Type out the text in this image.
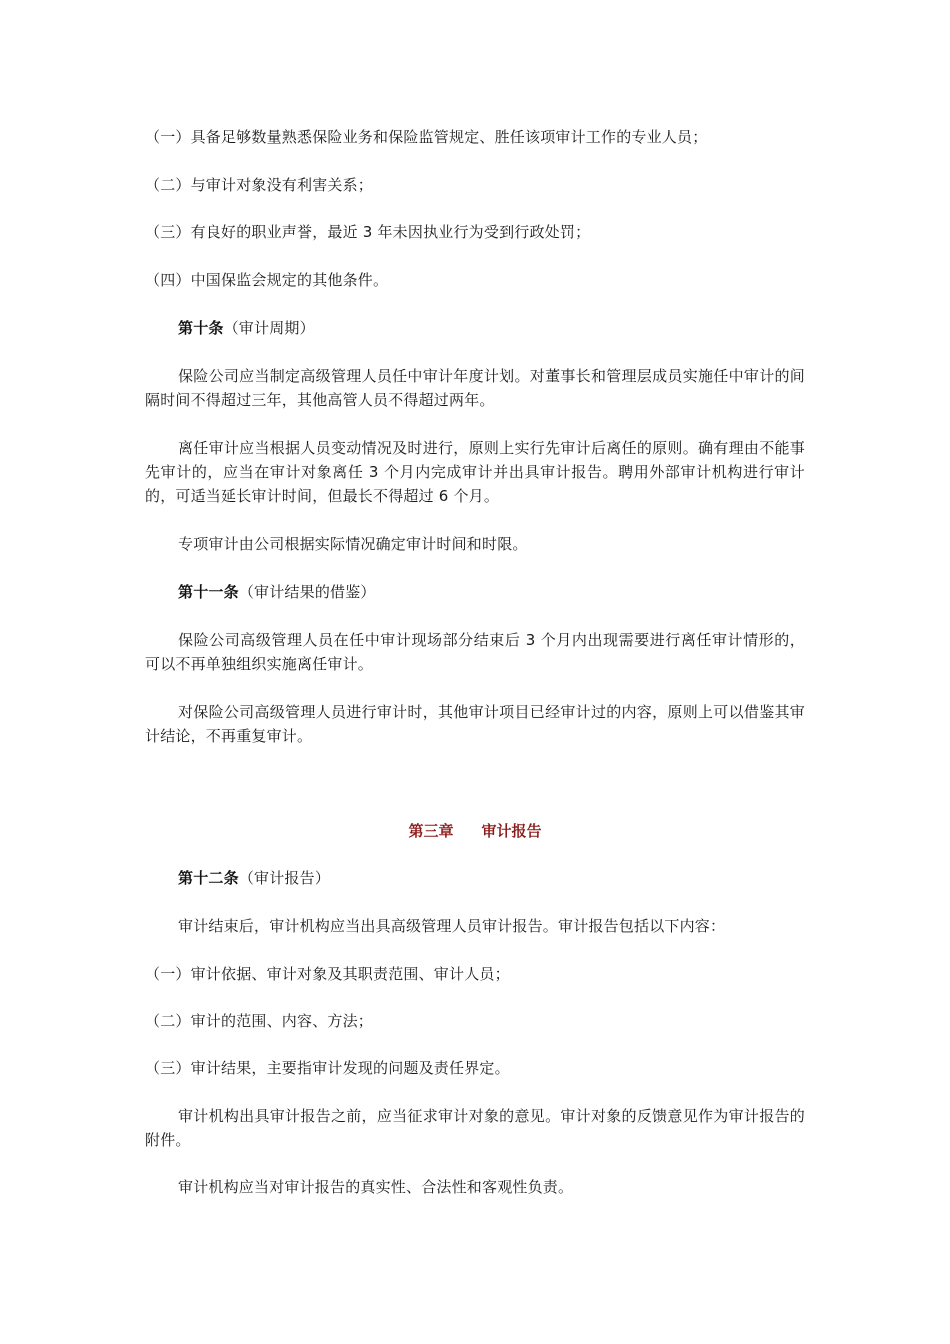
（一）具备足够数量熟悉保险业务和保险监管规定、胜任该项审计工作的专业人员；

（二）与审计对象没有利害关系；

（三）有良好的职业声誉，最近 3 年未因执业行为受到行政处罚；

（四）中国保监会规定的其他条件。

第十条（审计周期）

保险公司应当制定高级管理人员任中审计年度计划。对董事长和管理层成员实施任中审计的间隔时间不得超过三年，其他高管人员不得超过两年。

离任审计应当根据人员变动情况及时进行，原则上实行先审计后离任的原则。确有理由不能事先审计的，应当在审计对象离任 3 个月内完成审计并出具审计报告。聘用外部审计机构进行审计的，可适当延长审计时间，但最长不得超过 6 个月。

专项审计由公司根据实际情况确定审计时间和时限。

第十一条（审计结果的借鉴）

保险公司高级管理人员在任中审计现场部分结束后 3 个月内出现需要进行离任审计情形的，可以不再单独组织实施离任审计。

对保险公司高级管理人员进行审计时，其他审计项目已经审计过的内容，原则上可以借鉴其审计结论，不再重复审计。

第三章 审计报告

第十二条（审计报告）

审计结束后，审计机构应当出具高级管理人员审计报告。审计报告包括以下内容：

（一）审计依据、审计对象及其职责范围、审计人员；

（二）审计的范围、内容、方法；

（三）审计结果，主要指审计发现的问题及责任界定。

审计机构出具审计报告之前，应当征求审计对象的意见。审计对象的反馈意见作为审计报告的附件。

审计机构应当对审计报告的真实性、合法性和客观性负责。
